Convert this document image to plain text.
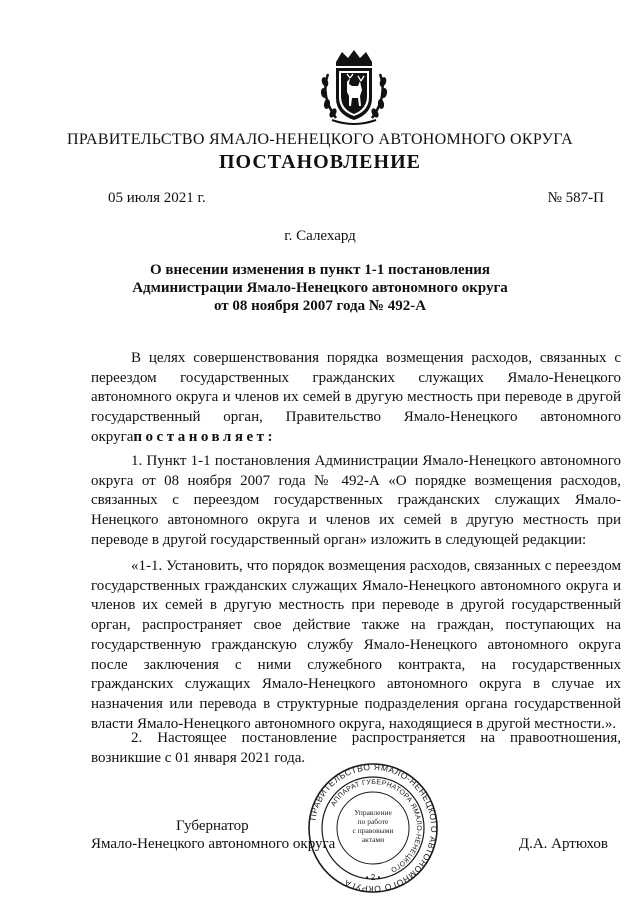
ПРАВИТЕЛЬСТВО ЯМАЛО-НЕНЕЦКОГО АВТОНОМНОГО ОКРУГА
ПОСТАНОВЛЕНИЕ
05 июля 2021 г.	№ 587-П
г. Салехард
О внесении изменения в пункт 1-1 постановления
Администрации Ямало-Ненецкого автономного округа
от 08 ноября 2007 года № 492-А

В целях совершенствования порядка возмещения расходов, связанных с переездом государственных гражданских служащих Ямало-Ненецкого автономного округа и членов их семей в другую местность при переводе в другой государственный орган, Правительство Ямало-Ненецкого автономного округапостановляет:

1. Пункт 1-1 постановления Администрации Ямало-Ненецкого автономного округа от 08 ноября 2007 года № 492-А «О порядке возмещения расходов, связанных с переездом государственных гражданских служащих Ямало-Ненецкого автономного округа и членов их семей в другую местность при переводе в другой государственный орган» изложить в следующей редакции:

«1-1. Установить, что порядок возмещения расходов, связанных с переездом государственных гражданских служащих Ямало-Ненецкого автономного округа и членов их семей в другую местность при переводе в другой государственный орган, распространяет свое действие также на граждан, поступающих на государственную гражданскую службу Ямало-Ненецкого автономного округа после заключения с ними служебного контракта, на государственных гражданских служащих Ямало-Ненецкого автономного округа в случае их назначения или перевода в структурные подразделения органа государственной власти Ямало-Ненецкого автономного округа, находящиеся в другой местности.».

2. Настоящее постановление распространяется на правоотношения, возникшие с 01 января 2021 года.

Губернатор
Ямало-Ненецкого автономного округа	Д.А. Артюхов
ПРАВИТЕЛЬСТВО ЯМАЛО-НЕНЕЦКОГО АВТОНОМНОГО ОКРУГА
АППАРАТ ГУБЕРНАТОРА ЯМАЛО-НЕНЕЦКОГО
Управление
по работе
с правовыми
актами
• 2 •
